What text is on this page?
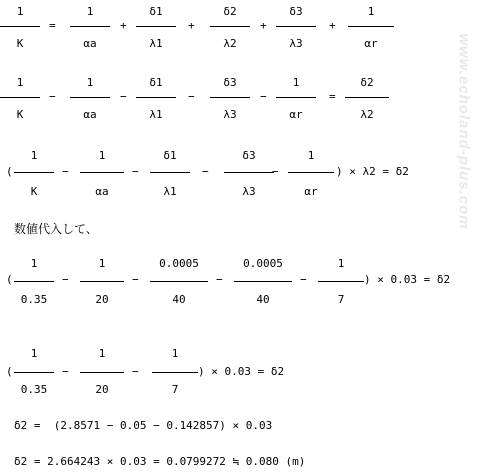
www.echoland-plus.com
1
K
=
1
αa
+
δ1
λ1
+
δ2
λ2
+
δ3
λ3
+
1
αr
1
K
−
1
αa
−
δ1
λ1
−
δ3
λ3
−
1
αr
=
δ2
λ2
(
1
K
−
1
αa
−
δ1
λ1
−
δ3
λ3
−
1
αr
) × λ2 = δ2
数値代入して、
(
1
0.35
−
1
20
−
0.0005
40
−
0.0005
40
−
1
7
) × 0.03 = δ2
(
1
0.35
−
1
20
−
1
7
) × 0.03 = δ2
δ2 =  (2.8571 − 0.05 − 0.142857) × 0.03
δ2 = 2.664243 × 0.03 = 0.0799272 ≒ 0.080 (m)
